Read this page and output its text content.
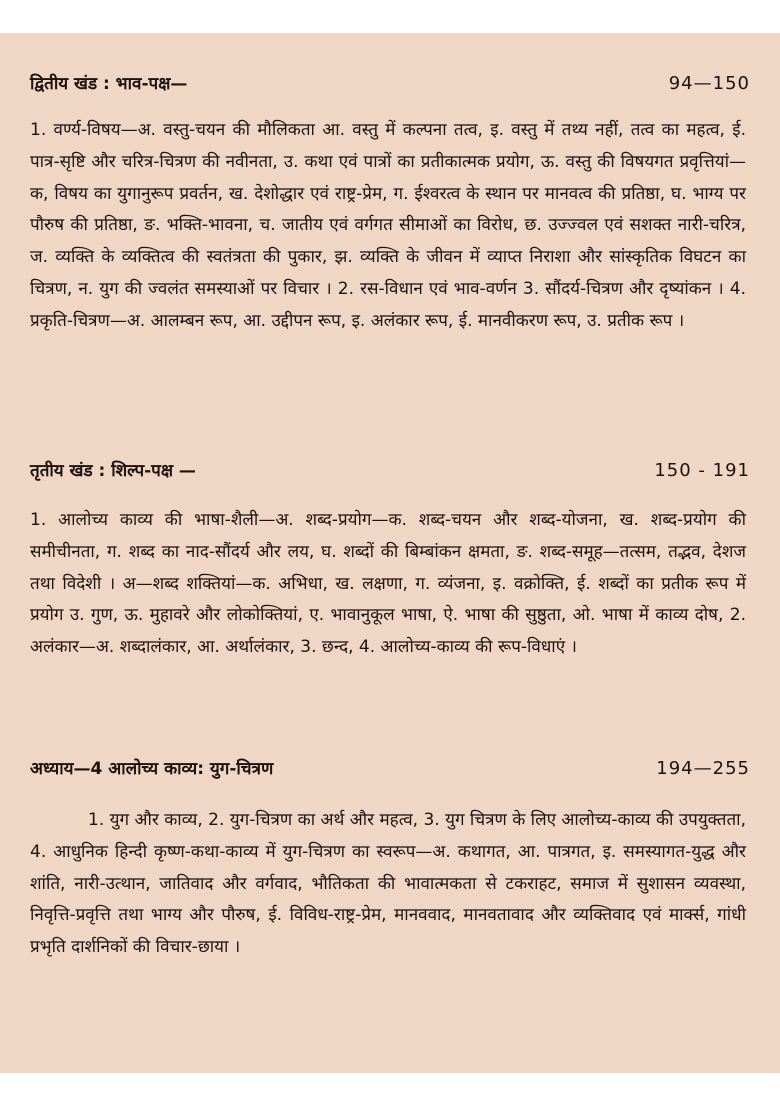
द्वितीय खंड : भाव-पक्ष—	94—150

1. वर्ण्य-विषय—अ. वस्तु-चयन की मौलिकता आ. वस्तु में कल्पना तत्व, इ. वस्तु में तथ्य नहीं, तत्व का महत्व, ई. पात्र-सृष्टि और चरित्र-चित्रण की नवीनता, उ. कथा एवं पात्रों का प्रतीकात्मक प्रयोग, ऊ. वस्तु की विषयगत प्रवृत्तियां—क, विषय का युगानुरूप प्रवर्तन, ख. देशोद्धार एवं राष्ट्र-प्रेम, ग. ईश्वरत्व के स्थान पर मानवत्व की प्रतिष्ठा, घ. भाग्य पर पौरुष की प्रतिष्ठा, ङ. भक्ति-भावना, च. जातीय एवं वर्गगत सीमाओं का विरोध, छ. उज्ज्वल एवं सशक्त नारी-चरित्र, ज. व्यक्ति के व्यक्तित्व की स्वतंत्रता की पुकार, झ. व्यक्ति के जीवन में व्याप्त निराशा और सांस्कृतिक विघटन का चित्रण, न. युग की ज्वलंत समस्याओं पर विचार । 2. रस-विधान एवं भाव-वर्णन 3. सौंदर्य-चित्रण और दृष्यांकन । 4. प्रकृति-चित्रण—अ. आलम्बन रूप, आ. उद्दीपन रूप, इ. अलंकार रूप, ई. मानवीकरण रूप, उ. प्रतीक रूप ।

तृतीय खंड : शिल्प-पक्ष —	150 - 191

1. आलोच्य काव्य की भाषा-शैली—अ. शब्द-प्रयोग—क. शब्द-चयन और शब्द-योजना, ख. शब्द-प्रयोग की समीचीनता, ग. शब्द का नाद-सौंदर्य और लय, घ. शब्दों की बिम्बांकन क्षमता, ङ. शब्द-समूह—तत्सम, तद्भव, देशज तथा विदेशी । अ—शब्द शक्तियां—क. अभिधा, ख. लक्षणा, ग. व्यंजना, इ. वक्रोक्ति, ई. शब्दों का प्रतीक रूप में प्रयोग उ. गुण, ऊ. मुहावरे और लोकोक्तियां, ए. भावानुकूल भाषा, ऐ. भाषा की सुष्ठुता, ओ. भाषा में काव्य दोष, 2. अलंकार—अ. शब्दालंकार, आ. अर्थालंकार, 3. छन्द, 4. आलोच्य-काव्य की रूप-विधाएं ।

अध्याय—4 आलोच्य काव्य: युग-चित्रण	194—255

1. युग और काव्य, 2. युग-चित्रण का अर्थ और महत्व, 3. युग चित्रण के लिए आलोच्य-काव्य की उपयुक्तता, 4. आधुनिक हिन्दी कृष्ण-कथा-काव्य में युग-चित्रण का स्वरूप—अ. कथागत, आ. पात्रगत, इ. समस्यागत-युद्ध और शांति, नारी-उत्थान, जातिवाद और वर्गवाद, भौतिकता की भावात्मकता से टकराहट, समाज में सुशासन व्यवस्था, निवृत्ति-प्रवृत्ति तथा भाग्य और पौरुष, ई. विविध-राष्ट्र-प्रेम, मानववाद, मानवतावाद और व्यक्तिवाद एवं मार्क्स, गांधी प्रभृति दार्शनिकों की विचार-छाया ।
